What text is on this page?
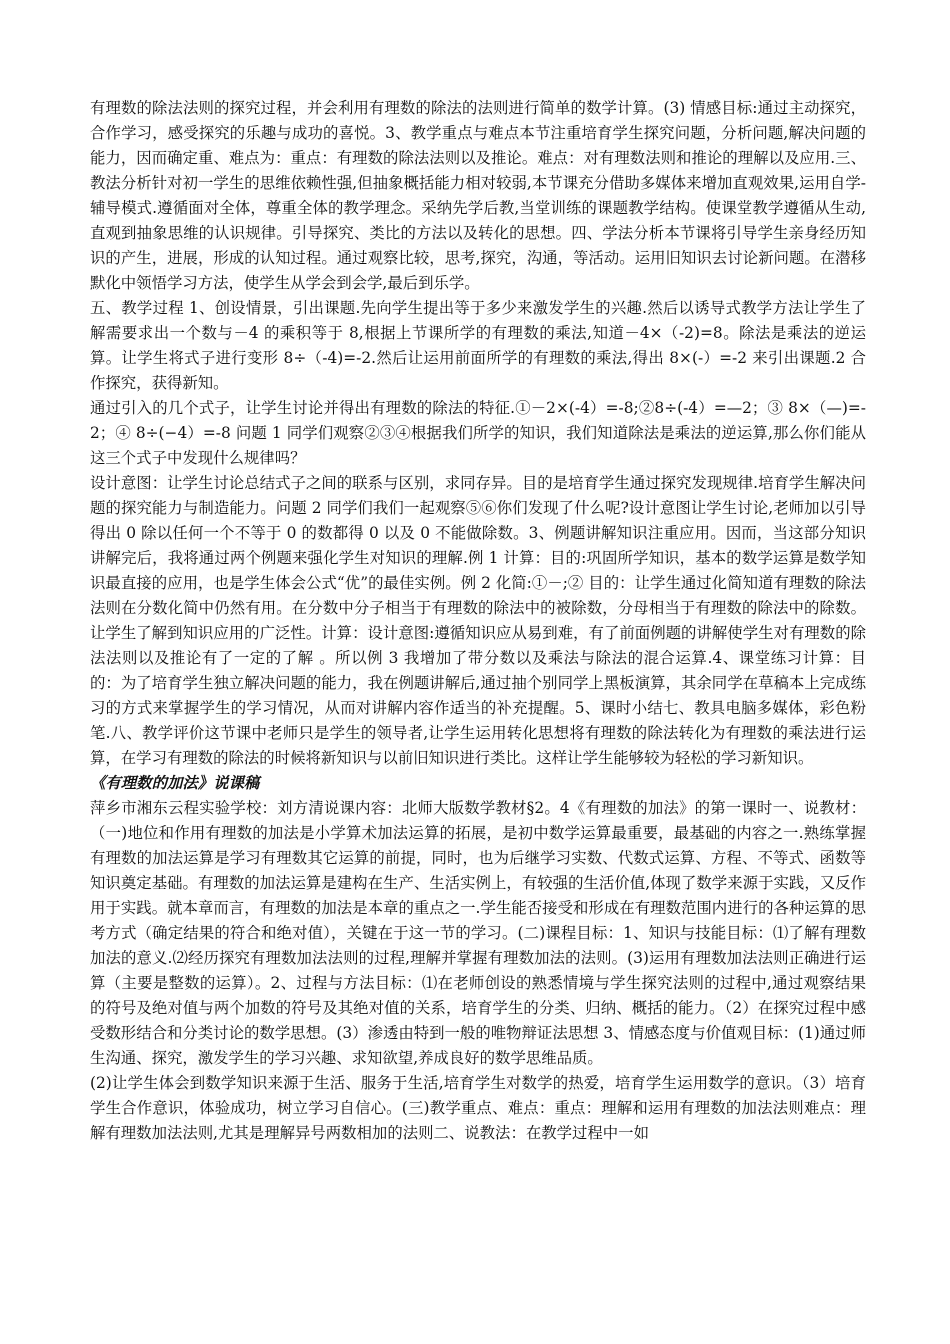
有理数的除法法则的探究过程，并会利用有理数的除法的法则进行简单的数学计算。(3) 情感目标:通过主动探究，合作学习，感受探究的乐趣与成功的喜悦。3、教学重点与难点本节注重培育学生探究问题，分析问题,解决问题的能力，因而确定重、难点为：重点：有理数的除法法则以及推论。难点：对有理数法则和推论的理解以及应用.三、教法分析针对初一学生的思维依赖性强,但抽象概括能力相对较弱,本节课充分借助多媒体来增加直观效果,运用自学-辅导模式.遵循面对全体，尊重全体的教学理念。采纳先学后教,当堂训练的课题教学结构。使课堂教学遵循从生动,直观到抽象思维的认识规律。引导探究、类比的方法以及转化的思想。四、学法分析本节课将引导学生亲身经历知识的产生，进展，形成的认知过程。通过观察比较，思考,探究，沟通，等活动。运用旧知识去讨论新问题。在潜移默化中领悟学习方法，使学生从学会到会学,最后到乐学。

五、教学过程 1、创设情景，引出课题.先向学生提出等于多少来激发学生的兴趣.然后以诱导式教学方法让学生了解需要求出一个数与－4 的乘积等于 8,根据上节课所学的有理数的乘法,知道－4×（-2)=8。除法是乘法的逆运算。让学生将式子进行变形 8÷（-4)=-2.然后让运用前面所学的有理数的乘法,得出 8×(-）=-2 来引出课题.2 合作探究，获得新知。

通过引入的几个式子，让学生讨论并得出有理数的除法的特征.①－2×(-4）=-8;②8÷(-4）=—2；③ 8×（—)=-2；④ 8÷(−4）=-8 问题 1 同学们观察②③④根据我们所学的知识，我们知道除法是乘法的逆运算,那么你们能从这三个式子中发现什么规律吗？

设计意图：让学生讨论总结式子之间的联系与区别，求同存异。目的是培育学生通过探究发现规律.培育学生解决问题的探究能力与制造能力。问题 2 同学们我们一起观察⑤⑥你们发现了什么呢?设计意图让学生讨论,老师加以引导得出 0 除以任何一个不等于 0 的数都得 0 以及 0 不能做除数。3、例题讲解知识注重应用。因而，当这部分知识讲解完后，我将通过两个例题来强化学生对知识的理解.例 1 计算：目的:巩固所学知识，基本的数学运算是数学知识最直接的应用，也是学生体会公式“优”的最佳实例。例 2 化简:①－;② 目的：让学生通过化简知道有理数的除法法则在分数化简中仍然有用。在分数中分子相当于有理数的除法中的被除数，分母相当于有理数的除法中的除数。让学生了解到知识应用的广泛性。计算：设计意图:遵循知识应从易到难，有了前面例题的讲解使学生对有理数的除法法则以及推论有了一定的了解 。所以例 3 我增加了带分数以及乘法与除法的混合运算.4、课堂练习计算：目的：为了培育学生独立解决问题的能力，我在例题讲解后,通过抽个别同学上黑板演算，其余同学在草稿本上完成练习的方式来掌握学生的学习情况，从而对讲解内容作适当的补充提醒。5、课时小结七、教具电脑多媒体，彩色粉笔.八、教学评价这节课中老师只是学生的领导者,让学生运用转化思想将有理数的除法转化为有理数的乘法进行运算，在学习有理数的除法的时候将新知识与以前旧知识进行类比。这样让学生能够较为轻松的学习新知识。

《有理数的加法》说课稿

萍乡市湘东云程实验学校：刘方清说课内容：北师大版数学教材§2。4《有理数的加法》的第一课时一、说教材：（一)地位和作用有理数的加法是小学算术加法运算的拓展，是初中数学运算最重要，最基础的内容之一.熟练掌握有理数的加法运算是学习有理数其它运算的前提，同时，也为后继学习实数、代数式运算、方程、不等式、函数等知识奠定基础。有理数的加法运算是建构在生产、生活实例上，有较强的生活价值,体现了数学来源于实践，又反作用于实践。就本章而言，有理数的加法是本章的重点之一.学生能否接受和形成在有理数范围内进行的各种运算的思考方式（确定结果的符合和绝对值），关键在于这一节的学习。(二)课程目标：1、知识与技能目标：⑴了解有理数加法的意义.⑵经历探究有理数加法法则的过程,理解并掌握有理数加法的法则。(3)运用有理数加法法则正确进行运算（主要是整数的运算）。2、过程与方法目标：⑴在老师创设的熟悉情境与学生探究法则的过程中,通过观察结果的符号及绝对值与两个加数的符号及其绝对值的关系，培育学生的分类、归纳、概括的能力。（2）在探究过程中感受数形结合和分类讨论的数学思想。(3）渗透由特到一般的唯物辩证法思想 3、情感态度与价值观目标：(1)通过师生沟通、探究，激发学生的学习兴趣、求知欲望,养成良好的数学思维品质。

(2)让学生体会到数学知识来源于生活、服务于生活,培育学生对数学的热爱，培育学生运用数学的意识。（3）培育学生合作意识，体验成功，树立学习自信心。(三)教学重点、难点：重点：理解和运用有理数的加法法则难点：理解有理数加法法则,尤其是理解异号两数相加的法则二、说教法：在教学过程中一如
